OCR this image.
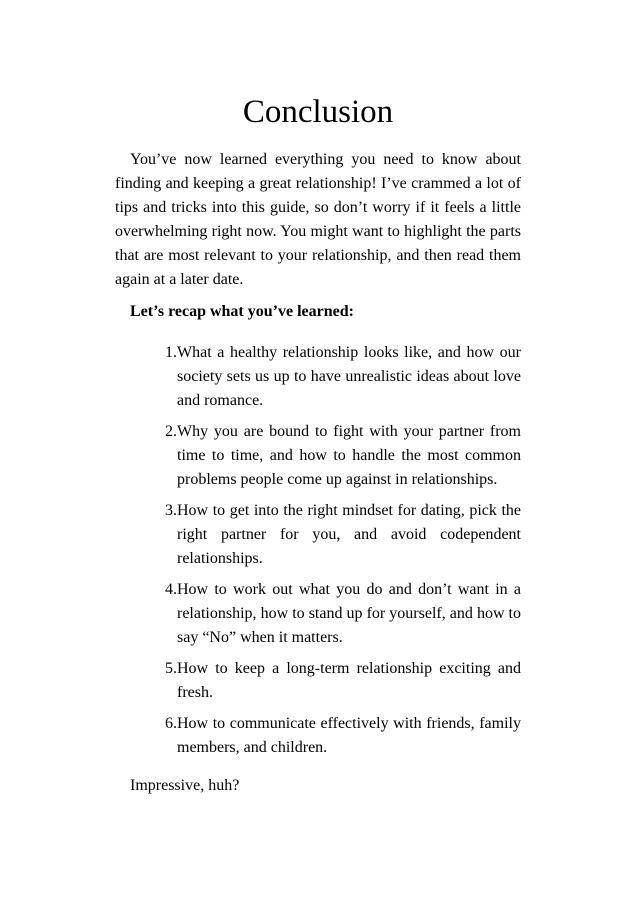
Conclusion

You’ve now learned everything you need to know about finding and keeping a great relationship! I’ve crammed a lot of tips and tricks into this guide, so don’t worry if it feels a little overwhelming right now. You might want to highlight the parts that are most relevant to your relationship, and then read them again at a later date.

Let’s recap what you’ve learned:

1. What a healthy relationship looks like, and how our society sets us up to have unrealistic ideas about love and romance.
2. Why you are bound to fight with your partner from time to time, and how to handle the most common problems people come up against in relationships.
3. How to get into the right mindset for dating, pick the right partner for you, and avoid codependent relationships.
4. How to work out what you do and don’t want in a relationship, how to stand up for yourself, and how to say “No” when it matters.
5. How to keep a long-term relationship exciting and fresh.
6. How to communicate effectively with friends, family members, and children.

Impressive, huh?
